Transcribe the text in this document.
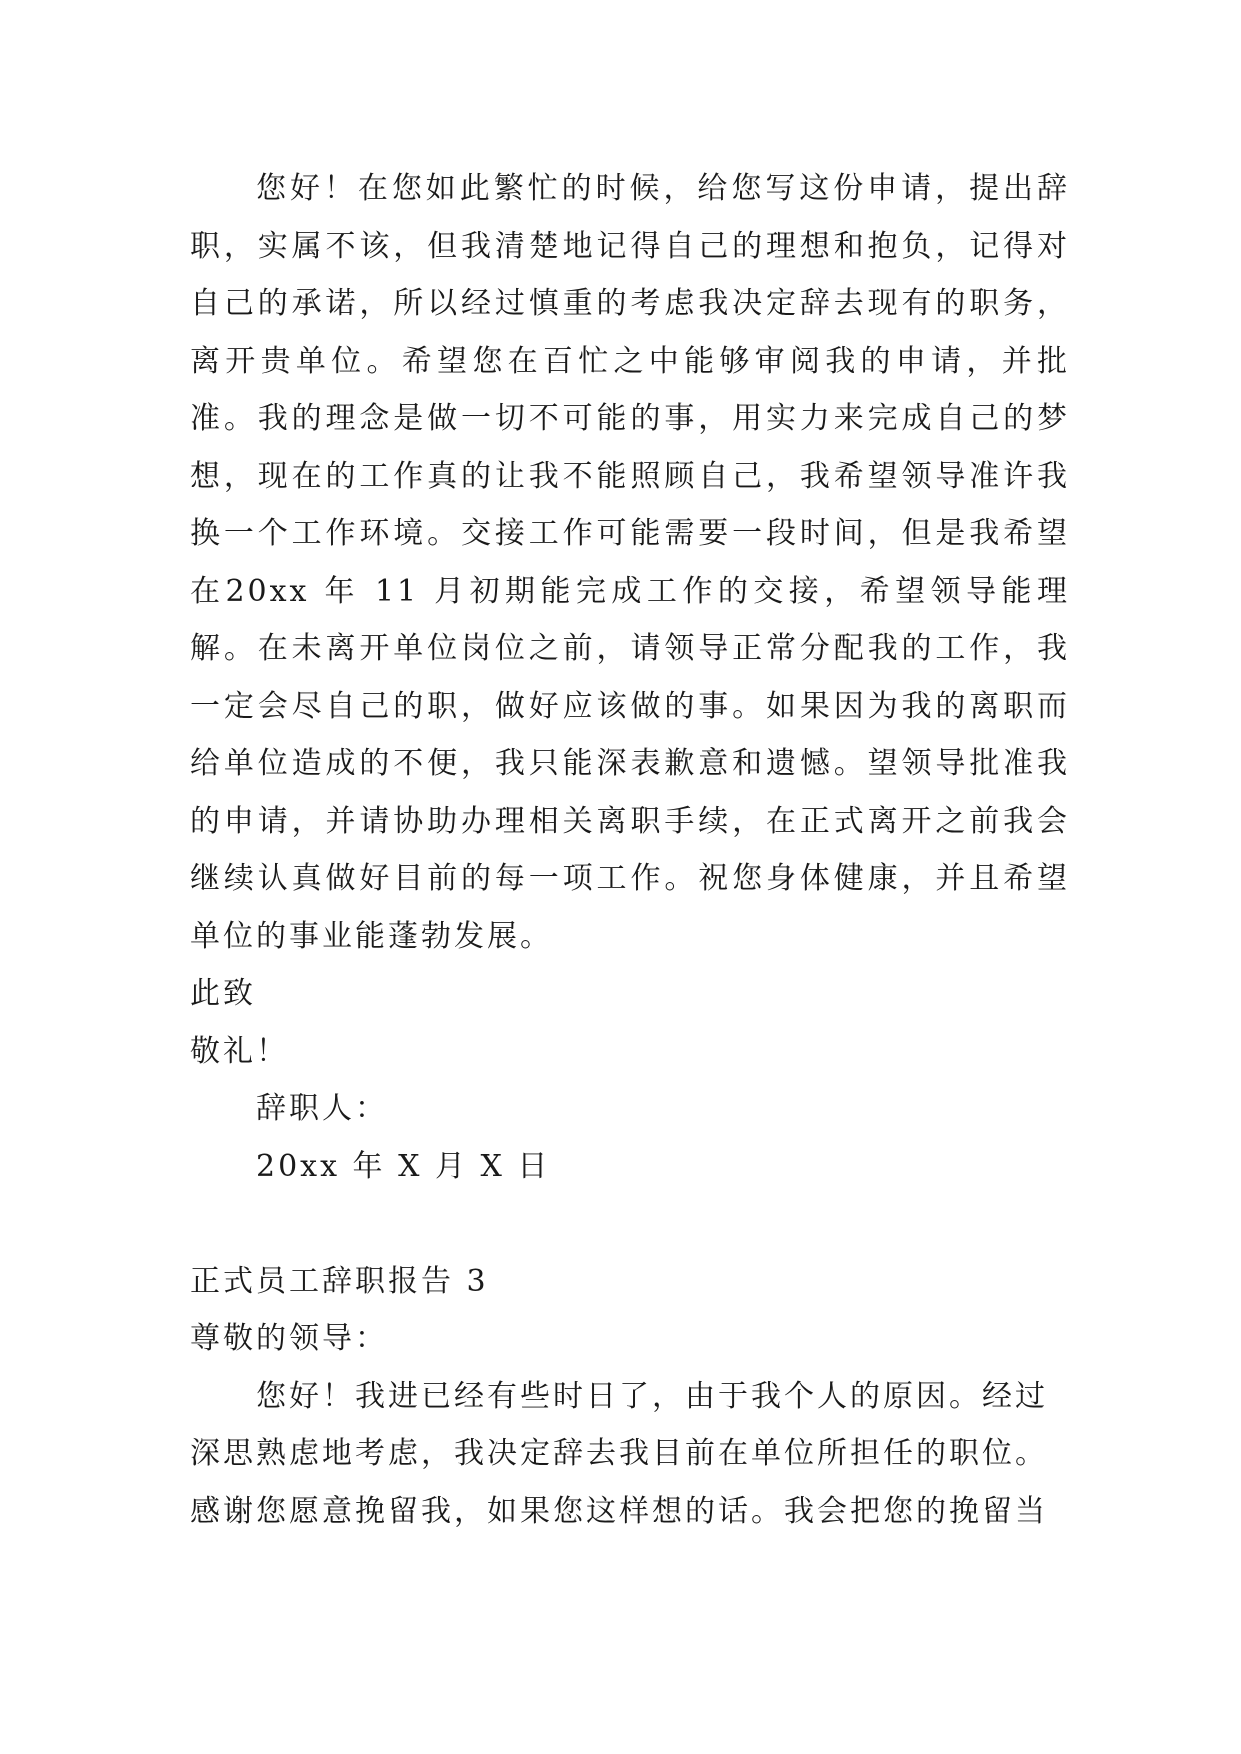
您好！在您如此繁忙的时候，给您写这份申请，提出辞职，实属不该，但我清楚地记得自己的理想和抱负，记得对自己的承诺，所以经过慎重的考虑我决定辞去现有的职务，离开贵单位。希望您在百忙之中能够审阅我的申请，并批准。我的理念是做一切不可能的事，用实力来完成自己的梦想，现在的工作真的让我不能照顾自己，我希望领导准许我换一个工作环境。交接工作可能需要一段时间，但是我希望在20xx 年 11 月初期能完成工作的交接，希望领导能理解。在未离开单位岗位之前，请领导正常分配我的工作，我一定会尽自己的职，做好应该做的事。如果因为我的离职而给单位造成的不便，我只能深表歉意和遗憾。望领导批准我的申请，并请协助办理相关离职手续，在正式离开之前我会继续认真做好目前的每一项工作。祝您身体健康，并且希望单位的事业能蓬勃发展。

此致

敬礼！

辞职人：

20xx 年 X 月 X 日

正式员工辞职报告 3

尊敬的领导：

您好！我进已经有些时日了，由于我个人的原因。经过深思熟虑地考虑，我决定辞去我目前在单位所担任的职位。感谢您愿意挽留我，如果您这样想的话。我会把您的挽留当
